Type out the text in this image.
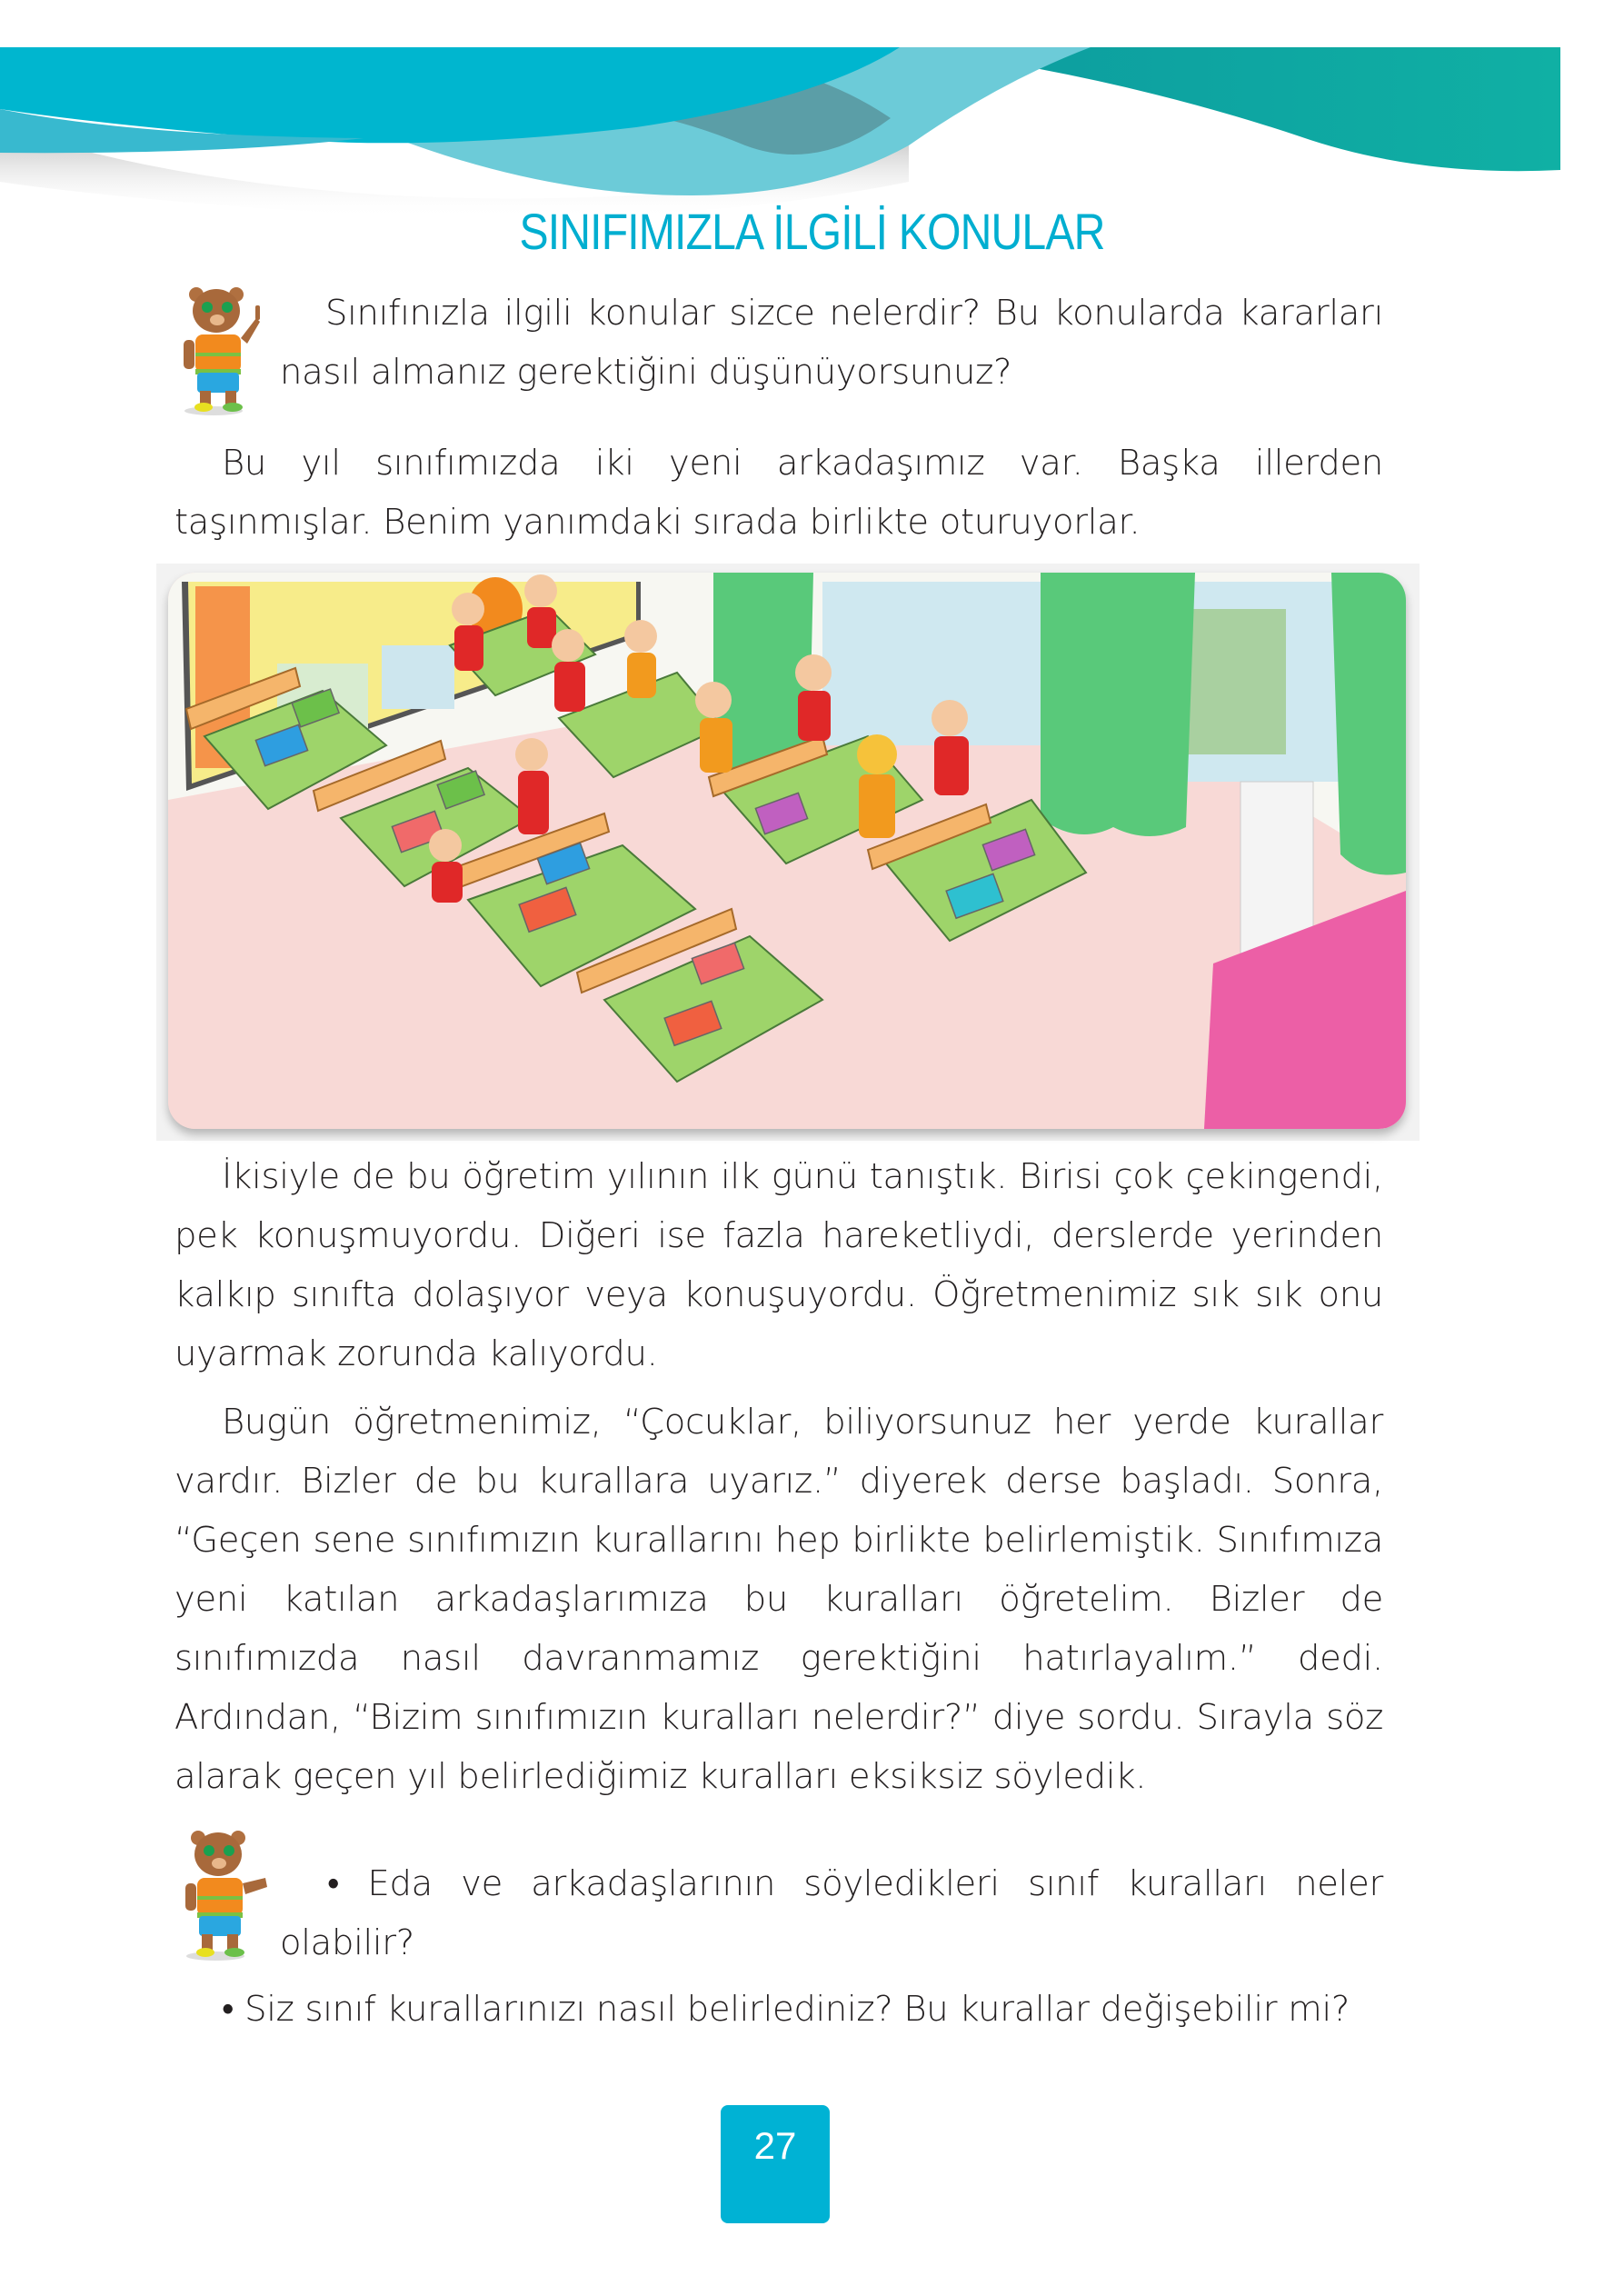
SINIFIMIZLA İLGİLİ KONULAR

Sınıfınızla ilgili konular sizce nelerdir? Bu konularda kararları nasıl almanız gerektiğini düşünüyorsunuz?

Bu yıl sınıfımızda iki yeni arkadaşımız var. Başka illerden taşınmışlar. Benim yanımdaki sırada birlikte oturuyorlar.

İkisiyle de bu öğretim yılının ilk günü tanıştık. Birisi çok çekingendi, pek konuşmuyordu. Diğeri ise fazla hareketliydi, derslerde yerinden kalkıp sınıfta dolaşıyor veya konuşuyordu. Öğretmenimiz sık sık onu uyarmak zorunda kalıyordu.

Bugün öğretmenimiz, “Çocuklar, biliyorsunuz her yerde kurallar vardır. Bizler de bu kurallara uyarız.” diyerek derse başladı. Sonra, “Geçen sene sınıfımızın kurallarını hep birlikte belirlemiştik. Sınıfımıza yeni katılan arkadaşlarımıza bu kuralları öğretelim. Bizler de sınıfımızda nasıl davranmamız gerektiğini hatırlayalım.” dedi. Ardından, “Bizim sınıfımızın kuralları nelerdir?” diye sordu. Sırayla söz alarak geçen yıl belirlediğimiz kuralları eksiksiz söyledik.

• Eda ve arkadaşlarının söyledikleri sınıf kuralları neler olabilir?

• Siz sınıf kurallarınızı nasıl belirlediniz? Bu kurallar değişebilir mi?

27
